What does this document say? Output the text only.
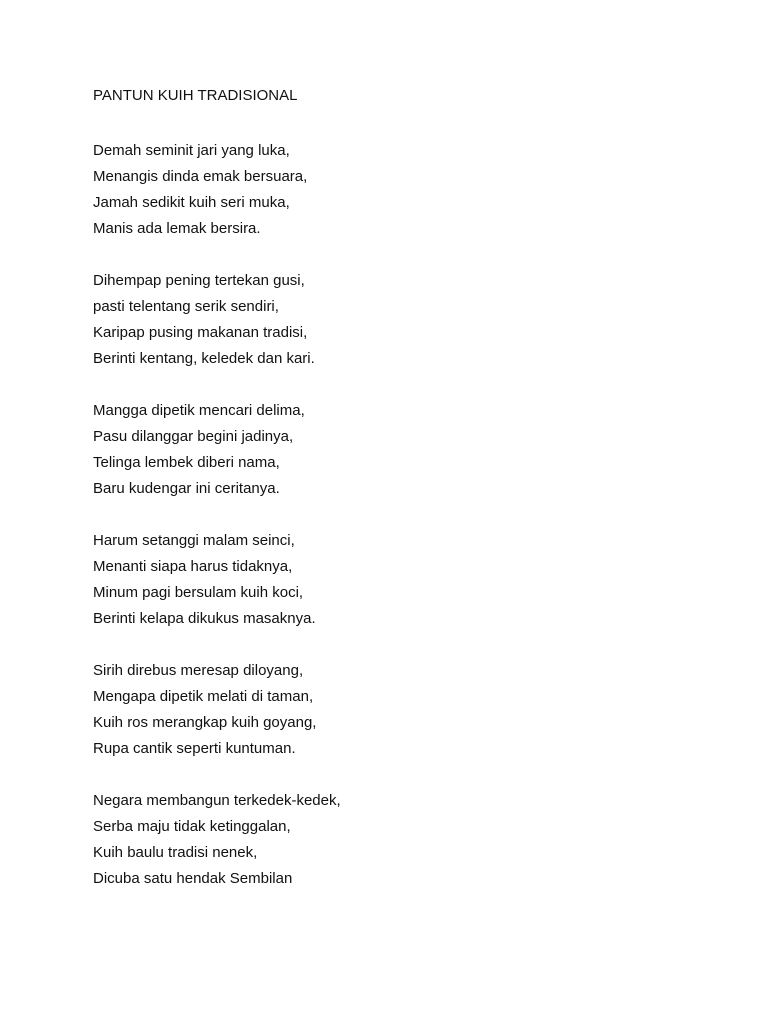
PANTUN KUIH TRADISIONAL
Demah seminit jari yang luka,
Menangis dinda emak bersuara,
Jamah sedikit kuih seri muka,
Manis ada lemak bersira.
Dihempap pening tertekan gusi,
pasti telentang serik sendiri,
Karipap pusing makanan tradisi,
Berinti kentang, keledek dan kari.
Mangga dipetik mencari delima,
Pasu dilanggar begini jadinya,
Telinga lembek diberi nama,
Baru kudengar ini ceritanya.
Harum setanggi malam seinci,
Menanti siapa harus tidaknya,
Minum pagi bersulam kuih koci,
Berinti kelapa dikukus masaknya.
Sirih direbus meresap diloyang,
Mengapa dipetik melati di taman,
Kuih ros merangkap kuih goyang,
Rupa cantik seperti kuntuman.
Negara membangun terkedek-kedek,
Serba maju tidak ketinggalan,
Kuih baulu tradisi nenek,
Dicuba satu hendak Sembilan
